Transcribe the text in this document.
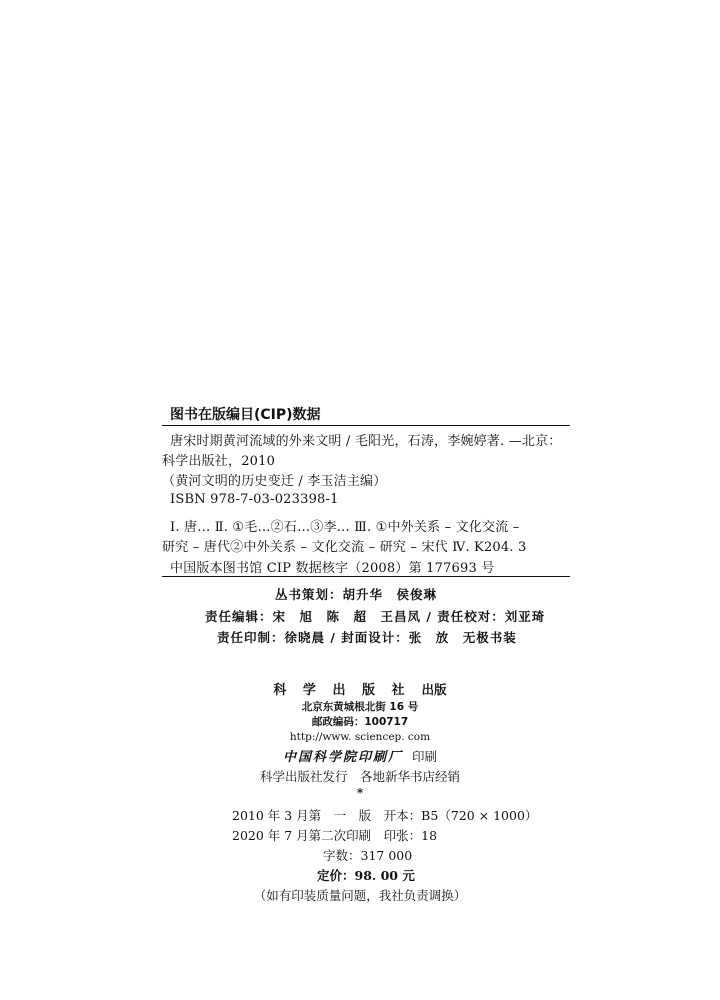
图书在版编目(CIP)数据
唐宋时期黄河流域的外来文明 / 毛阳光，石涛，李婉婷著. —北京：
科学出版社，2010
（黄河文明的历史变迁 / 李玉洁主编）
ISBN 978-7-03-023398-1
Ⅰ. 唐… Ⅱ. ①毛…②石…③李… Ⅲ. ①中外关系 – 文化交流 –
研究 – 唐代②中外关系 – 文化交流 – 研究 – 宋代 Ⅳ. K204. 3
中国版本图书馆 CIP 数据核字（2008）第 177693 号
丛书策划：胡升华　侯俊琳
责任编辑：宋　旭　陈　超　王昌凤 / 责任校对：刘亚琦
责任印制：徐晓晨 / 封面设计：张　放　无极书装
科 学 出 版 社 出版
北京东黄城根北街 16 号
邮政编码：100717
http://www. sciencep. com
中国科学院印刷厂 印刷
科学出版社发行　各地新华书店经销
*
2010 年 3 月第　一　版　开本：B5（720 × 1000）
2020 年 7 月第二次印刷　印张：18
字数：317 000
定价：98. 00 元
（如有印装质量问题，我社负责调换）
